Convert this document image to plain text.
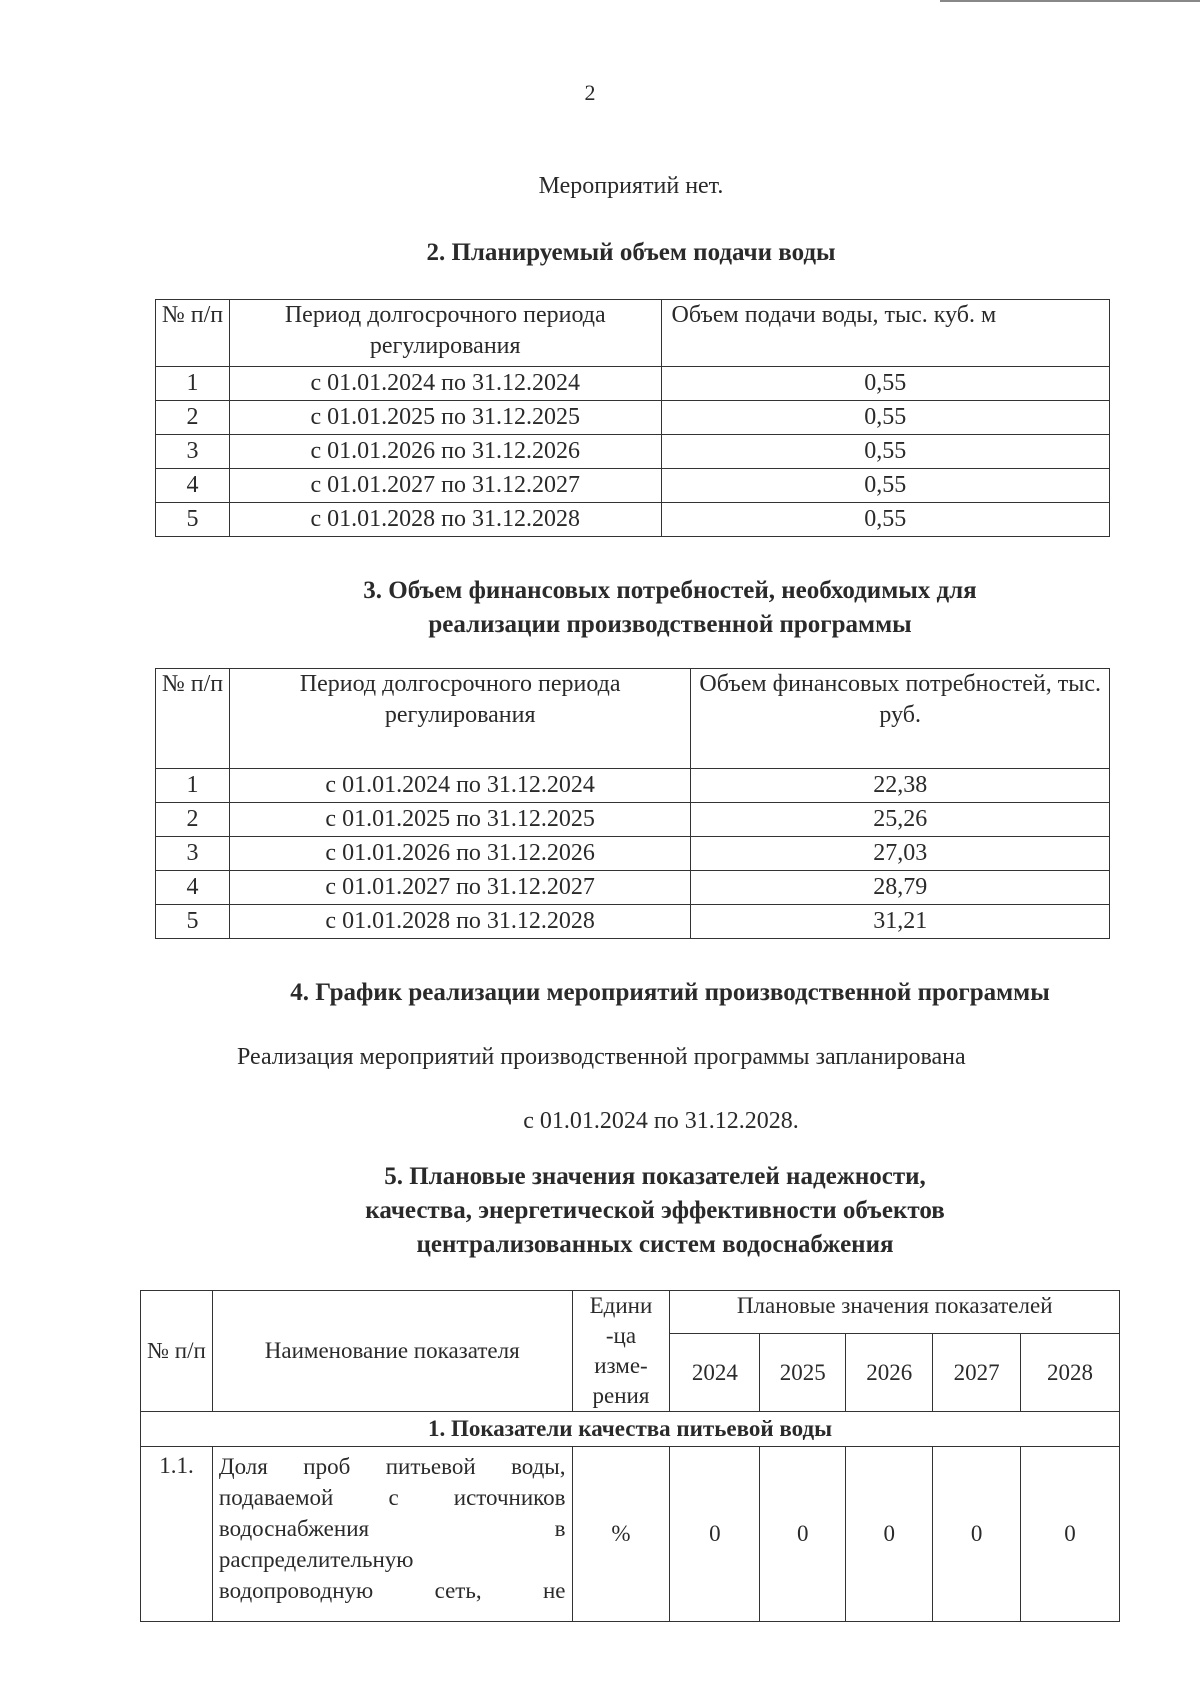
2
Мероприятий нет.
2. Планируемый объем подачи воды
№ п/п	Период долгосрочного периода регулирования	Объем подачи воды, тыс. куб. м
1	с 01.01.2024 по 31.12.2024	0,55
2	с 01.01.2025 по 31.12.2025	0,55
3	с 01.01.2026 по 31.12.2026	0,55
4	с 01.01.2027 по 31.12.2027	0,55
5	с 01.01.2028 по 31.12.2028	0,55
3. Объем финансовых потребностей, необходимых для
реализации производственной программы
№ п/п	Период долгосрочного периода регулирования	Объем финансовых потребностей, тыс. руб.
1	с 01.01.2024 по 31.12.2024	22,38
2	с 01.01.2025 по 31.12.2025	25,26
3	с 01.01.2026 по 31.12.2026	27,03
4	с 01.01.2027 по 31.12.2027	28,79
5	с 01.01.2028 по 31.12.2028	31,21
4. График реализации мероприятий производственной программы
Реализация мероприятий производственной программы запланирована
с 01.01.2024 по 31.12.2028.
5. Плановые значения показателей надежности,
качества, энергетической эффективности объектов
централизованных систем водоснабжения
№ п/п	Наименование показателя	Едини -ца изме- рения	Плановые значения показателей				
			2024	2025	2026	2027	2028
1. Показатели качества питьевой воды							
1.1.	Доля проб питьевой воды, подаваемой с источников водоснабжения в распределительную водопроводную сеть, не	%	0	0	0	0	0
